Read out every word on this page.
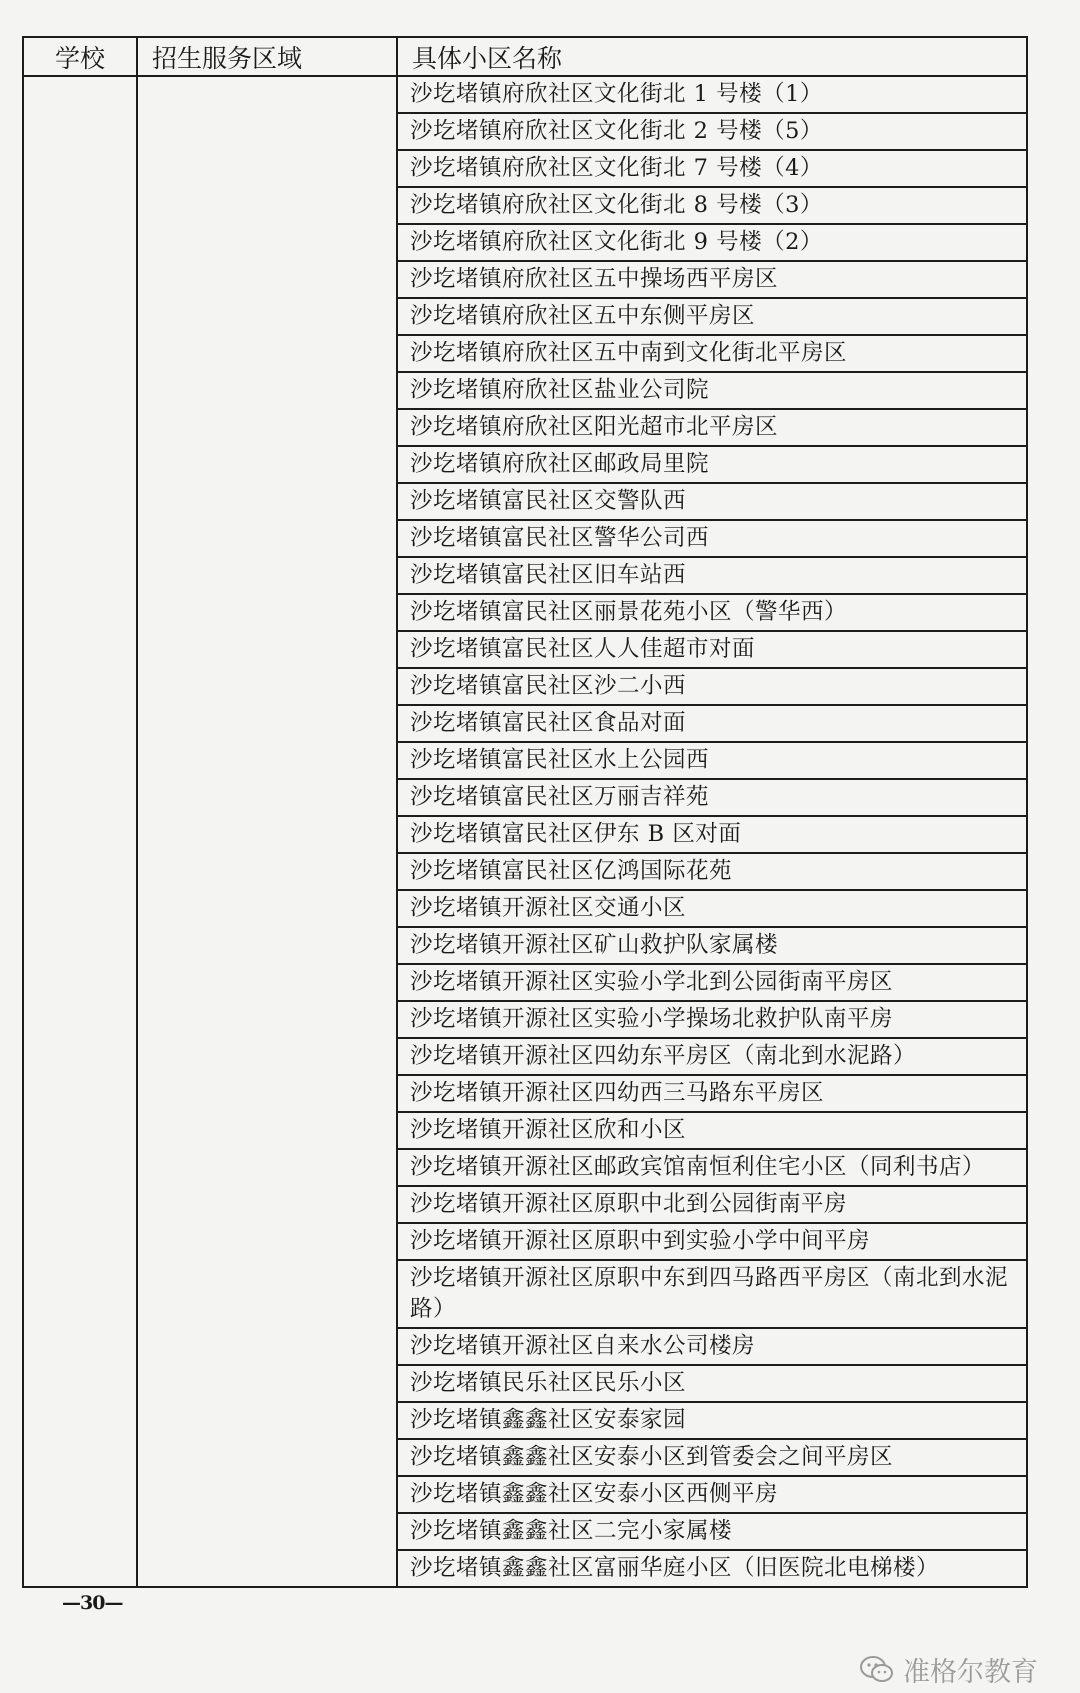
学校	招生服务区域	具体小区名称
		沙圪堵镇府欣社区文化街北 1 号楼（1）
		沙圪堵镇府欣社区文化街北 2 号楼（5）
		沙圪堵镇府欣社区文化街北 7 号楼（4）
		沙圪堵镇府欣社区文化街北 8 号楼（3）
		沙圪堵镇府欣社区文化街北 9 号楼（2）
		沙圪堵镇府欣社区五中操场西平房区
		沙圪堵镇府欣社区五中东侧平房区
		沙圪堵镇府欣社区五中南到文化街北平房区
		沙圪堵镇府欣社区盐业公司院
		沙圪堵镇府欣社区阳光超市北平房区
		沙圪堵镇府欣社区邮政局里院
		沙圪堵镇富民社区交警队西
		沙圪堵镇富民社区警华公司西
		沙圪堵镇富民社区旧车站西
		沙圪堵镇富民社区丽景花苑小区（警华西）
		沙圪堵镇富民社区人人佳超市对面
		沙圪堵镇富民社区沙二小西
		沙圪堵镇富民社区食品对面
		沙圪堵镇富民社区水上公园西
		沙圪堵镇富民社区万丽吉祥苑
		沙圪堵镇富民社区伊东 B 区对面
		沙圪堵镇富民社区亿鸿国际花苑
		沙圪堵镇开源社区交通小区
		沙圪堵镇开源社区矿山救护队家属楼
		沙圪堵镇开源社区实验小学北到公园街南平房区
		沙圪堵镇开源社区实验小学操场北救护队南平房
		沙圪堵镇开源社区四幼东平房区（南北到水泥路）
		沙圪堵镇开源社区四幼西三马路东平房区
		沙圪堵镇开源社区欣和小区
		沙圪堵镇开源社区邮政宾馆南恒利住宅小区（同利书店）
		沙圪堵镇开源社区原职中北到公园街南平房
		沙圪堵镇开源社区原职中到实验小学中间平房
		沙圪堵镇开源社区原职中东到四马路西平房区（南北到水泥路）
		沙圪堵镇开源社区自来水公司楼房
		沙圪堵镇民乐社区民乐小区
		沙圪堵镇鑫鑫社区安泰家园
		沙圪堵镇鑫鑫社区安泰小区到管委会之间平房区
		沙圪堵镇鑫鑫社区安泰小区西侧平房
		沙圪堵镇鑫鑫社区二完小家属楼
		沙圪堵镇鑫鑫社区富丽华庭小区（旧医院北电梯楼）
—30—
准格尔教育
